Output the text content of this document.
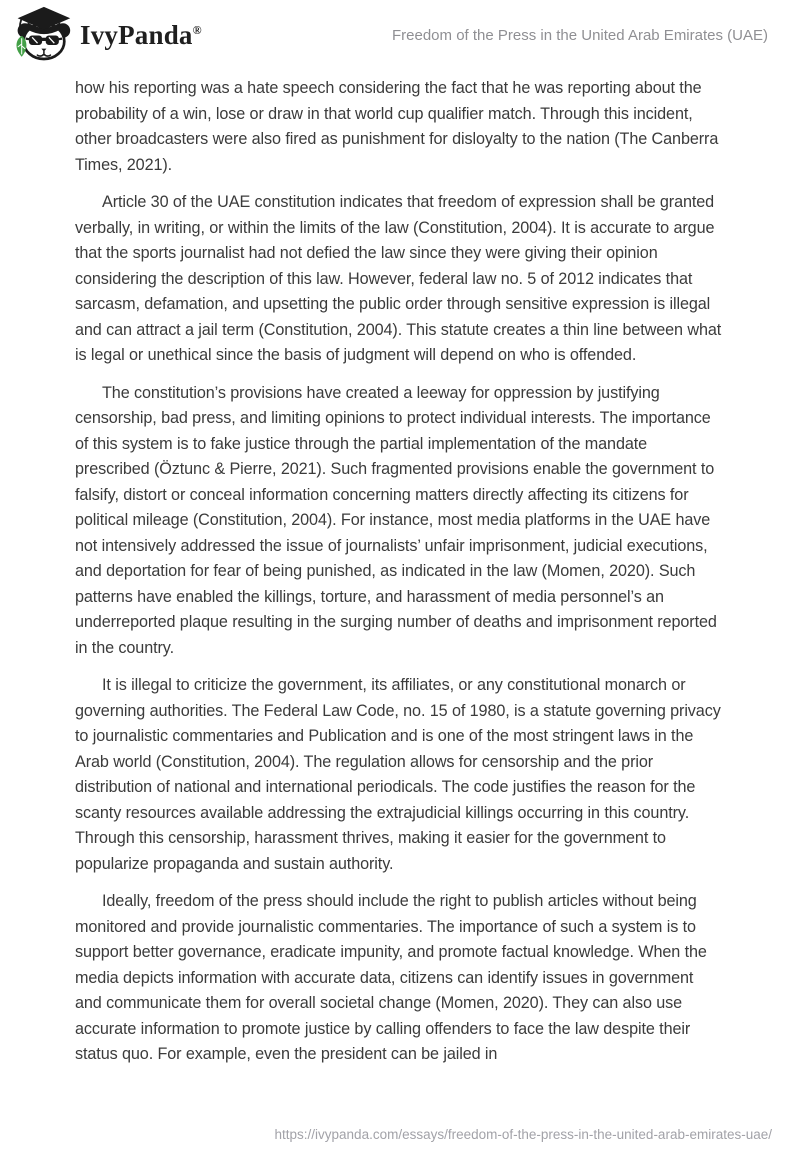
IvyPanda®	Freedom of the Press in the United Arab Emirates (UAE)

how his reporting was a hate speech considering the fact that he was reporting about the probability of a win, lose or draw in that world cup qualifier match. Through this incident, other broadcasters were also fired as punishment for disloyalty to the nation (The Canberra Times, 2021).

Article 30 of the UAE constitution indicates that freedom of expression shall be granted verbally, in writing, or within the limits of the law (Constitution, 2004). It is accurate to argue that the sports journalist had not defied the law since they were giving their opinion considering the description of this law. However, federal law no. 5 of 2012 indicates that sarcasm, defamation, and upsetting the public order through sensitive expression is illegal and can attract a jail term (Constitution, 2004). This statute creates a thin line between what is legal or unethical since the basis of judgment will depend on who is offended.

The constitution’s provisions have created a leeway for oppression by justifying censorship, bad press, and limiting opinions to protect individual interests. The importance of this system is to fake justice through the partial implementation of the mandate prescribed (Öztunc & Pierre, 2021). Such fragmented provisions enable the government to falsify, distort or conceal information concerning matters directly affecting its citizens for political mileage (Constitution, 2004). For instance, most media platforms in the UAE have not intensively addressed the issue of journalists’ unfair imprisonment, judicial executions, and deportation for fear of being punished, as indicated in the law (Momen, 2020). Such patterns have enabled the killings, torture, and harassment of media personnel’s an underreported plaque resulting in the surging number of deaths and imprisonment reported in the country.

It is illegal to criticize the government, its affiliates, or any constitutional monarch or governing authorities. The Federal Law Code, no. 15 of 1980, is a statute governing privacy to journalistic commentaries and Publication and is one of the most stringent laws in the Arab world (Constitution, 2004). The regulation allows for censorship and the prior distribution of national and international periodicals. The code justifies the reason for the scanty resources available addressing the extrajudicial killings occurring in this country. Through this censorship, harassment thrives, making it easier for the government to popularize propaganda and sustain authority.

Ideally, freedom of the press should include the right to publish articles without being monitored and provide journalistic commentaries. The importance of such a system is to support better governance, eradicate impunity, and promote factual knowledge. When the media depicts information with accurate data, citizens can identify issues in government and communicate them for overall societal change (Momen, 2020). They can also use accurate information to promote justice by calling offenders to face the law despite their status quo. For example, even the president can be jailed in

https://ivypanda.com/essays/freedom-of-the-press-in-the-united-arab-emirates-uae/
